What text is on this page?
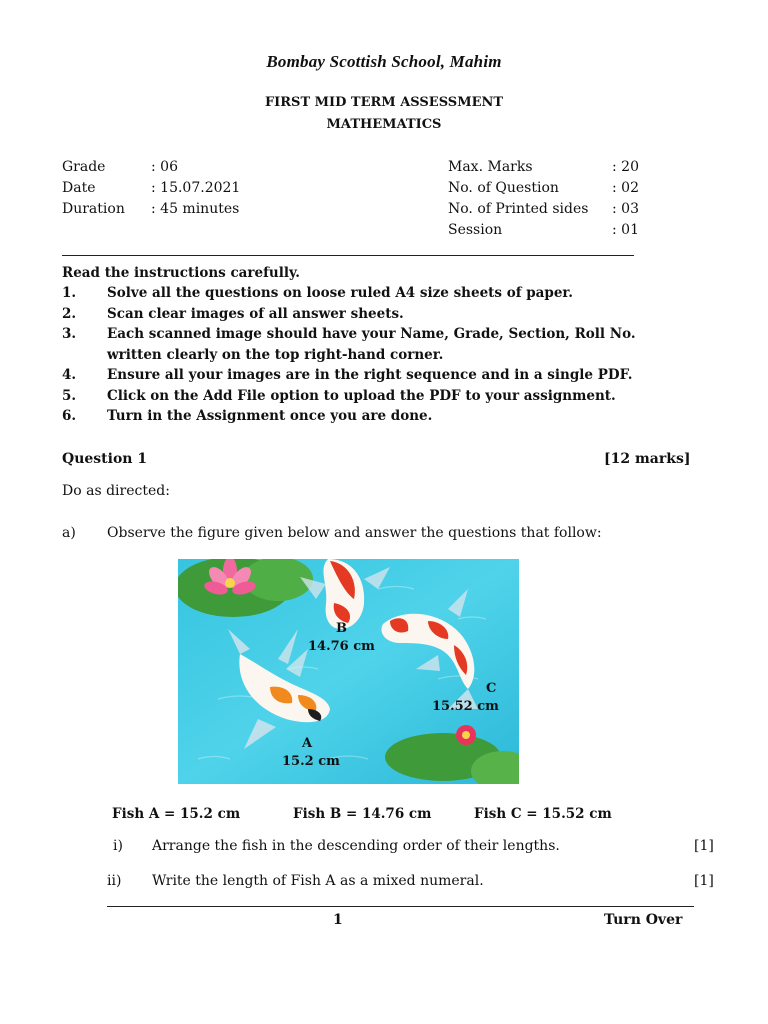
Bombay Scottish School, Mahim
FIRST MID TERM ASSESSMENT
MATHEMATICS
Grade	: 06
Date	: 15.07.2021
Duration	: 45 minutes
Max. Marks	: 20
No. of Question	: 02
No. of Printed sides	: 03
Session	: 01
Read the instructions carefully.
1.	Solve all the questions on loose ruled A4 size sheets of paper.
2.	Scan clear images of all answer sheets.
3.	Each scanned image should have your Name, Grade, Section, Roll No.
written clearly on the top right-hand corner.
4.	Ensure all your images are in the right sequence and in a single PDF.
5.	Click on the Add File option to upload the PDF to your assignment.
6.	Turn in the Assignment once you are done.
Question 1	[12 marks]
Do as directed:
a) Observe the figure given below and answer the questions that follow:
B
14.76 cm
C
15.52 cm
A
15.2 cm
Fish A = 15.2 cm	Fish B = 14.76 cm	Fish C = 15.52 cm
i) Arrange the fish in the descending order of their lengths.	[1]
ii) Write the length of Fish A as a mixed numeral.	[1]
1	Turn Over
